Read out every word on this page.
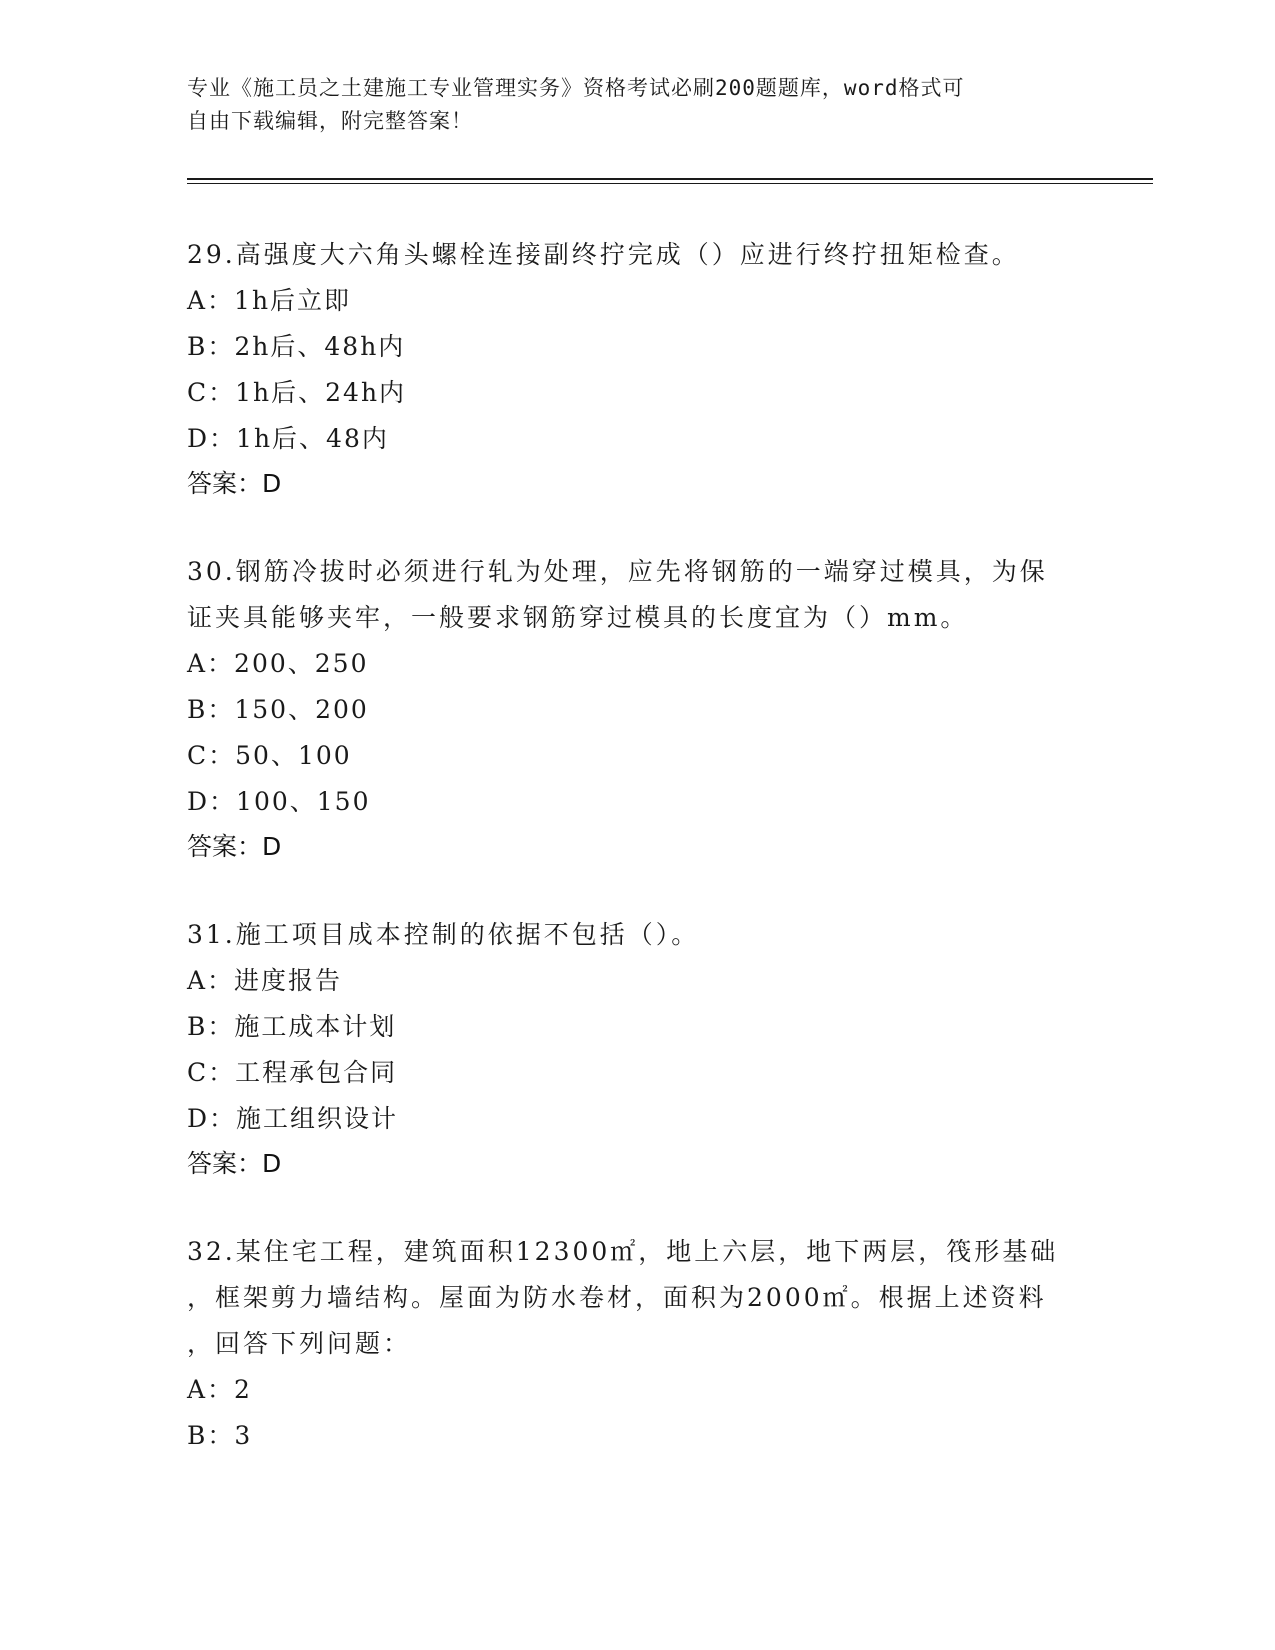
专业《施工员之土建施工专业管理实务》资格考试必刷200题题库，word格式可
自由下载编辑，附完整答案！
29.高强度大六角头螺栓连接副终拧完成（）应进行终拧扭矩检查。
A：1h后立即
B：2h后、48h内
C：1h后、24h内
D：1h后、48内
答案：D
30.钢筋冷拔时必须进行轧为处理，应先将钢筋的一端穿过模具，为保
证夹具能够夹牢，一般要求钢筋穿过模具的长度宜为（）mm。
A：200、250
B：150、200
C：50、100
D：100、150
答案：D
31.施工项目成本控制的依据不包括（）。
A：进度报告
B：施工成本计划
C：工程承包合同
D：施工组织设计
答案：D
32.某住宅工程，建筑面积12300㎡，地上六层，地下两层，筏形基础
，框架剪力墙结构。屋面为防水卷材，面积为2000㎡。根据上述资料
，回答下列问题：
A：2
B：3
